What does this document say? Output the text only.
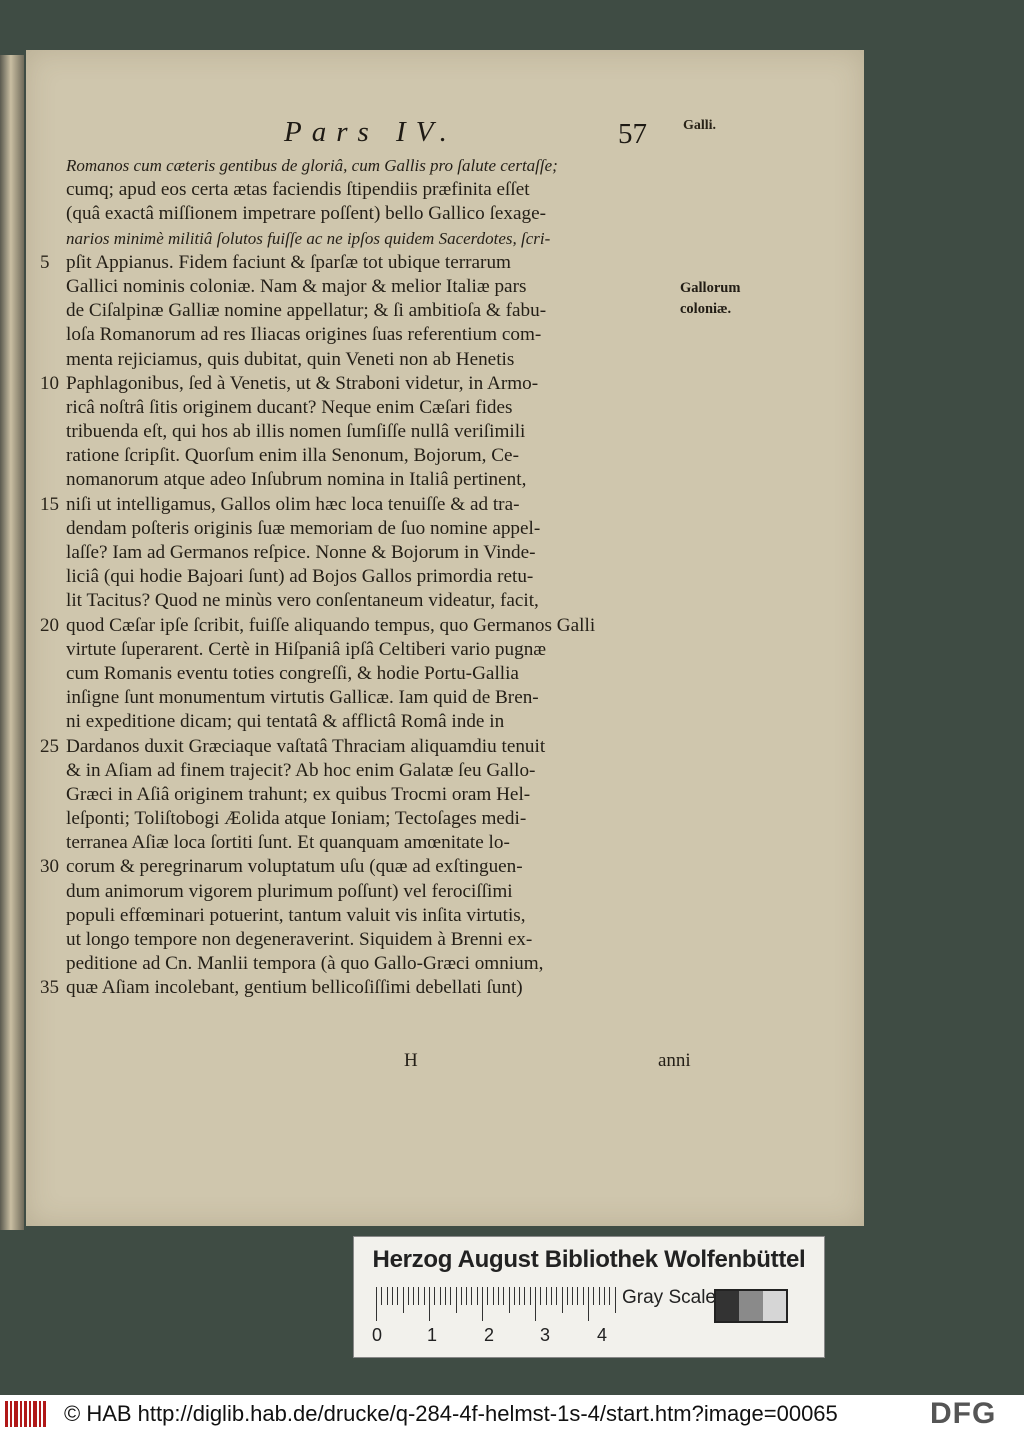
Pars IV.	57	Galli.
Romanos cum cæteris gentibus de gloriâ, cum Gallis pro ſalute certaſſe;
cumq; apud eos certa ætas faciendis ſtipendiis præfinita eſſet
(quâ exactâ miſſionem impetrare poſſent) bello Gallico ſexage-
narios minimè militiâ ſolutos fuiſſe ac ne ipſos quidem Sacerdotes, ſcri-
5 pſit Appianus. Fidem faciunt & ſparſæ tot ubique terrarum
Gallici nominis coloniæ. Nam & major & melior Italiæ pars
de Ciſalpinæ Galliæ nomine appellatur; & ſi ambitioſa & fabu-
loſa Romanorum ad res Iliacas origines ſuas referentium com-
menta rejiciamus, quis dubitat, quin Veneti non ab Henetis
10 Paphlagonibus, ſed à Venetis, ut & Straboni videtur, in Armo-
ricâ noſtrâ ſitis originem ducant? Neque enim Cæſari fides
tribuenda eſt, qui hos ab illis nomen ſumſiſſe nullâ veriſimili
ratione ſcripſit. Quorſum enim illa Senonum, Bojorum, Ce-
nomanorum atque adeo Inſubrum nomina in Italiâ pertinent,
15 niſi ut intelligamus, Gallos olim hæc loca tenuiſſe & ad tra-
dendam poſteris originis ſuæ memoriam de ſuo nomine appel-
laſſe? Iam ad Germanos reſpice. Nonne & Bojorum in Vinde-
liciâ (qui hodie Bajoari ſunt) ad Bojos Gallos primordia retu-
lit Tacitus? Quod ne minùs vero conſentaneum videatur, facit,
20 quod Cæſar ipſe ſcribit, fuiſſe aliquando tempus, quo Germanos Galli
virtute ſuperarent. Certè in Hiſpaniâ ipſâ Celtiberi vario pugnæ
cum Romanis eventu toties congreſſi, & hodie Portu-Gallia
inſigne ſunt monumentum virtutis Gallicæ. Iam quid de Bren-
ni expeditione dicam; qui tentatâ & afflictâ Româ inde in
25 Dardanos duxit Græciaque vaſtatâ Thraciam aliquamdiu tenuit
& in Aſiam ad finem trajecit? Ab hoc enim Galatæ ſeu Gallo-
Græci in Aſiâ originem trahunt; ex quibus Trocmi oram Hel-
leſponti; Toliſtobogi Æolida atque Ioniam; Tectoſages medi-
terranea Aſiæ loca ſortiti ſunt. Et quanquam amœnitate lo-
30 corum & peregrinarum voluptatum uſu (quæ ad exſtinguen-
dum animorum vigorem plurimum poſſunt) vel ferociſſimi
populi effœminari potuerint, tantum valuit vis inſita virtutis,
ut longo tempore non degeneraverint. Siquidem à Brenni ex-
peditione ad Cn. Manlii tempora (à quo Gallo-Græci omnium,
35 quæ Aſiam incolebant, gentium bellicoſiſſimi debellati ſunt)
Gallorum
coloniæ.
H	anni
Herzog August Bibliothek Wolfenbüttel
0 1	2	3	4
Gray Scale
© HAB http://diglib.hab.de/drucke/q-284-4f-helmst-1s-4/start.htm?image=00065	DFG
